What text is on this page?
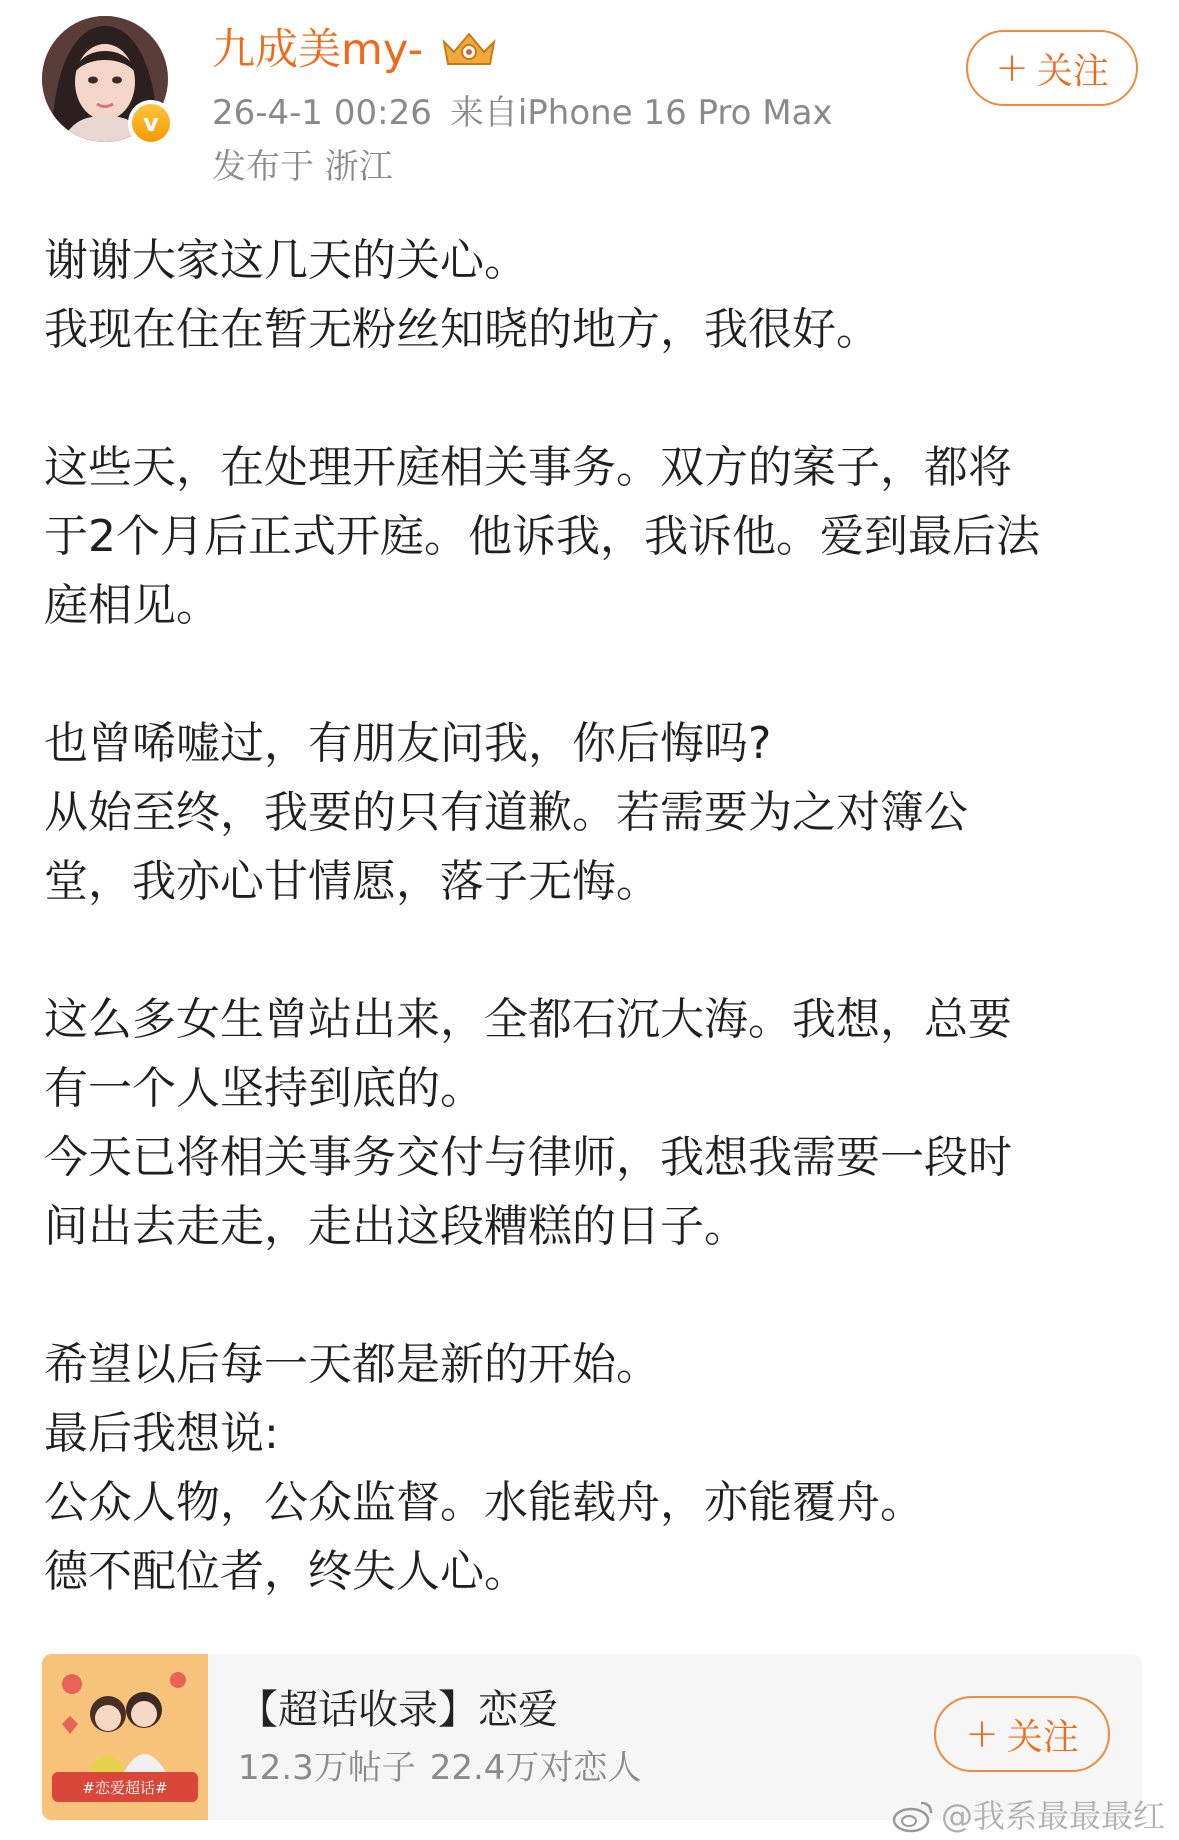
v
九成美my-
26-4-1 00:26 来自iPhone 16 Pro Max
发布于 浙江
+ 关注
谢谢大家这几天的关心。
我现在住在暂无粉丝知晓的地方，我很好。
这些天，在处理开庭相关事务。双方的案子，都将
于2个月后正式开庭。他诉我，我诉他。爱到最后法
庭相见。
也曾唏嘘过，有朋友问我，你后悔吗?
从始至终，我要的只有道歉。若需要为之对簿公
堂，我亦心甘情愿，落子无悔。
这么多女生曾站出来，全都石沉大海。我想，总要
有一个人坚持到底的。
今天已将相关事务交付与律师，我想我需要一段时
间出去走走，走出这段糟糕的日子。
希望以后每一天都是新的开始。
最后我想说:
公众人物，公众监督。水能载舟，亦能覆舟。
德不配位者，终失人心。
#恋爱超话#
【超话收录】恋爱
12.3万帖子 22.4万对恋人
+ 关注
@我系最最最红
